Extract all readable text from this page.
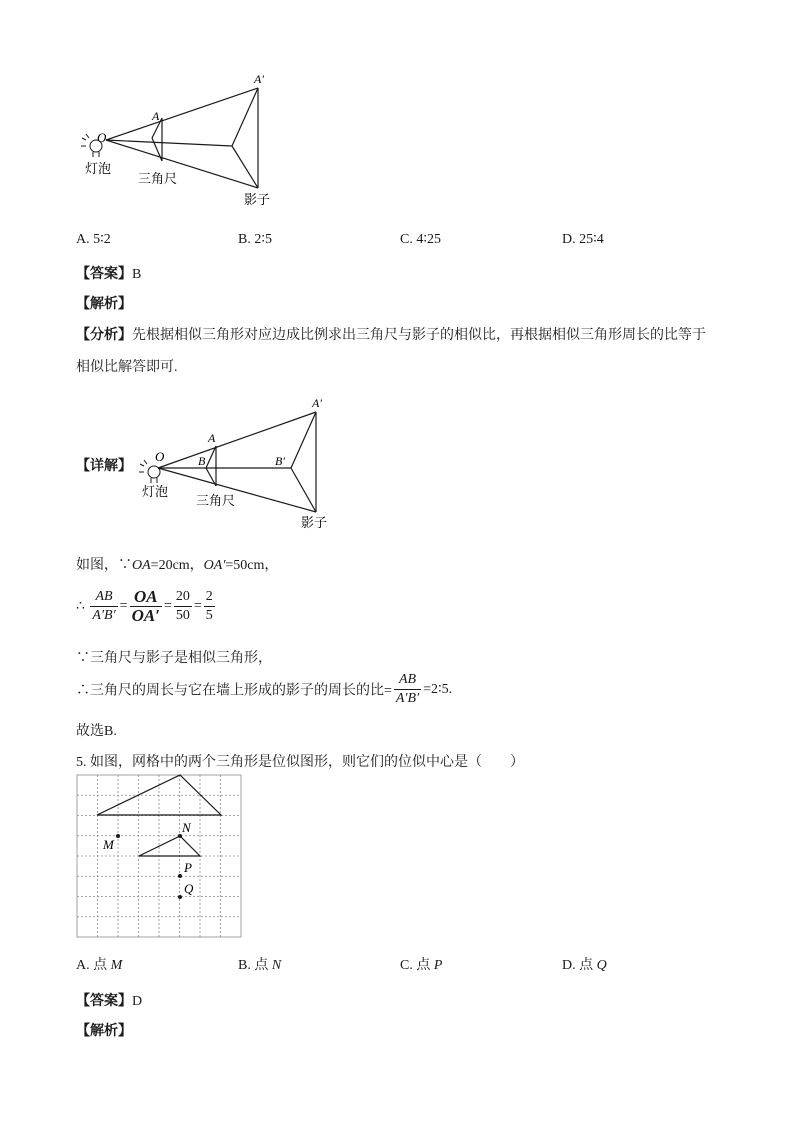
A′
A
O
灯泡
三角尺
影子
A. 5∶2	B. 2∶5	C. 4∶25	D. 25∶4
【答案】B
【解析】
【分析】先根据相似三角形对应边成比例求出三角尺与影子的相似比，再根据相似三角形周长的比等于
相似比解答即可.
【详解】
A′
A
B	B′
O
灯泡
三角尺
影子
如图，∵OA=20cm，OA′=50cm，
∴ $\frac{AB}{A'B'} = \frac{OA}{OA'} = \frac{20}{50} = \frac{2}{5}$
∵三角尺与影子是相似三角形，
∴三角尺的周长与它在墙上形成的影子的周长的比= $\frac{AB}{A'B'}$ =2∶5.
故选B.
5. 如图，网格中的两个三角形是位似图形，则它们的位似中心是（　　）
M
N
P
Q
A. 点 M	B. 点 N	C. 点 P	D. 点 Q
【答案】D
【解析】
